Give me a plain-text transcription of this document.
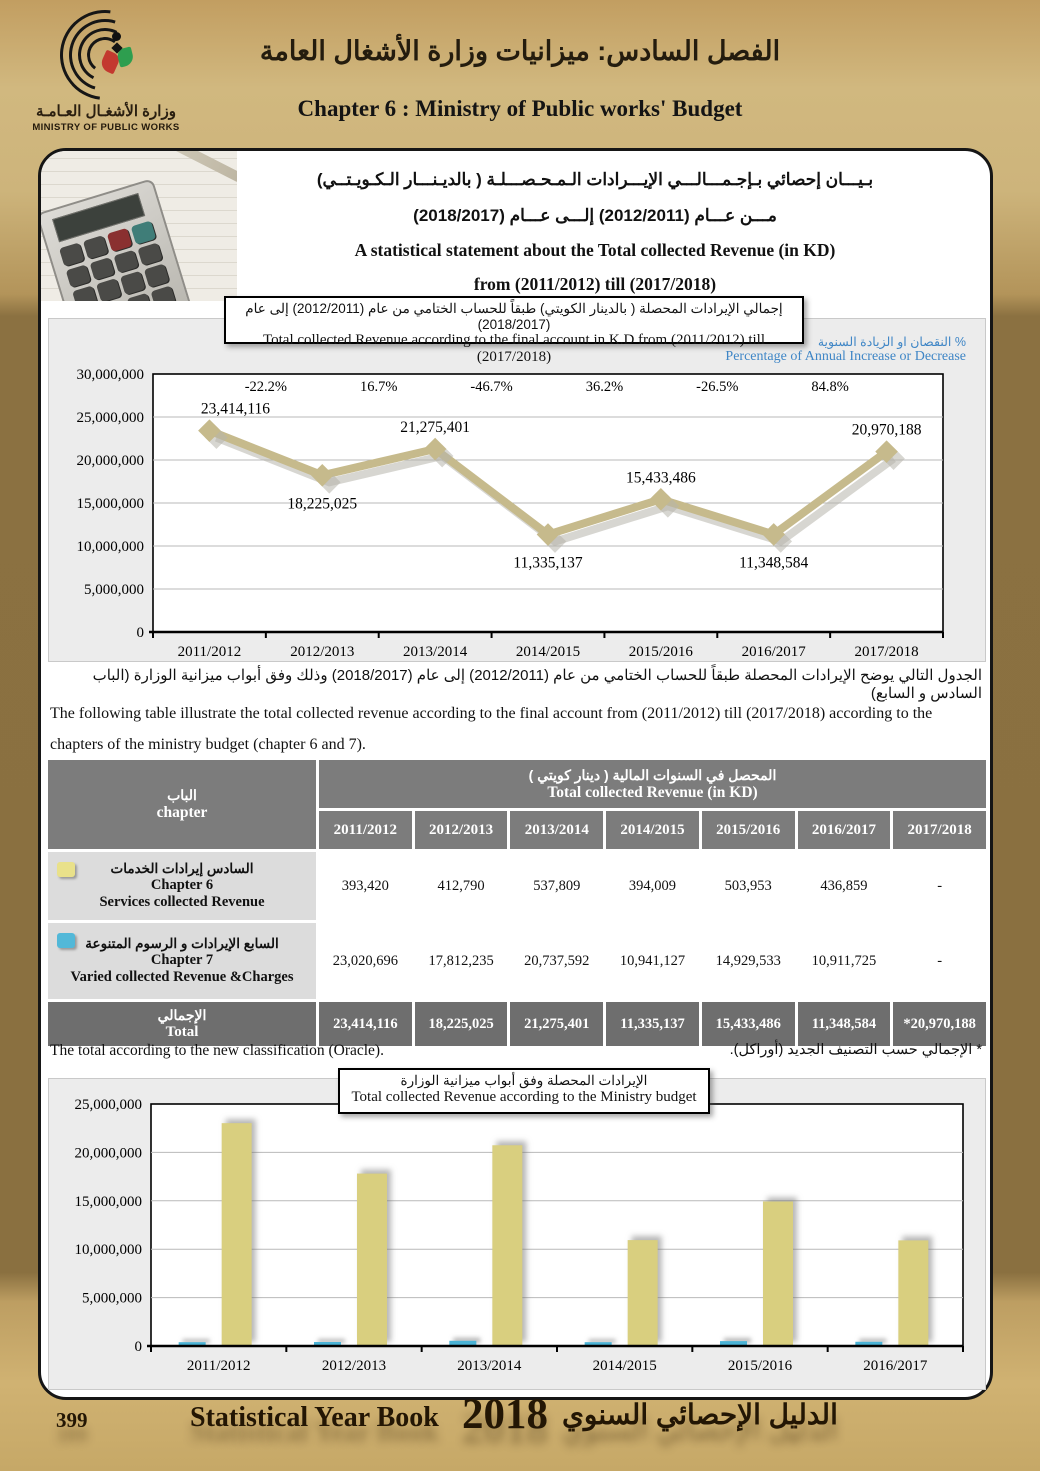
وزارة الأشغـال العـامـة
MINISTRY OF PUBLIC WORKS
الفصل السادس: ميزانيات وزارة الأشغال العامة
Chapter 6 : Ministry of Public works' Budget
بـيـــان إحصائي بـإجـمـــالـــي الإيـــرادات الـمـحـصـــلـة ( بالديـنـــار الـكـويـتــي)
مـــن عـــام (2012/2011) إلـــى عـــام (2018/2017)
A statistical statement about the Total collected Revenue (in KD)
from (2011/2012) till (2017/2018)
30,000,000
25,000,000
20,000,000
15,000,000
10,000,000
5,000,000
0
2011/2012	2012/2013	2013/2014	2014/2015	2015/2016	2016/2017	2017/2018
23,414,116
18,225,025
21,275,401
11,335,137
15,433,486
11,348,584
20,970,188
-22.2%	16.7%	-46.7%	36.2%	-26.5%	84.8%
إجمالي الإيرادات المحصلة ( بالدينار الكويتي) طبقاً للحساب الختامي من عام (2012/2011) إلى عام (2018/2017)
Total collected Revenue according to the final account in K.D from (2011/2012) till (2017/2018)
% النقصان او الزيادة السنوية
Percentage of Annual Increase or Decrease
الجدول التالي يوضح الإيرادات المحصلة طبقاً للحساب الختامي من عام (2012/2011) إلى عام (2018/2017) وذلك وفق أبواب ميزانية الوزارة (الباب السادس و السابع)
The following table illustrate the total collected revenue according to the final account from (2011/2012) till (2017/2018) according to the chapters of the ministry budget (chapter 6 and 7).
الباب
chapter
المحصل في السنوات المالية ( دينار كويتي )
Total collected Revenue (in KD)
2011/2012	2012/2013	2013/2014	2014/2015	2015/2016	2016/2017	2017/2018
السادس إيرادات الخدمات
Chapter 6
Services collected Revenue
393,420	412,790	537,809	394,009	503,953	436,859	-
السابع الإيرادات و الرسوم المتنوعة
Chapter 7
Varied collected Revenue &Charges
23,020,696	17,812,235	20,737,592	10,941,127	14,929,533	10,911,725	-
الإجمالي
Total
23,414,116	18,225,025	21,275,401	11,335,137	15,433,486	11,348,584	*20,970,188
The total according to the new classification (Oracle).	* الإجمالي حسب التصنيف الجديد (أوراكل).
25,000,000
20,000,000
15,000,000
10,000,000
5,000,000
0
2011/2012	2012/2013	2013/2014	2014/2015	2015/2016	2016/2017
الإيرادات المحصلة وفق أبواب ميزانية الوزارة
Total collected Revenue according to the Ministry budget
399	Statistical Year Book 2018 الدليل الإحصائي السنوي
